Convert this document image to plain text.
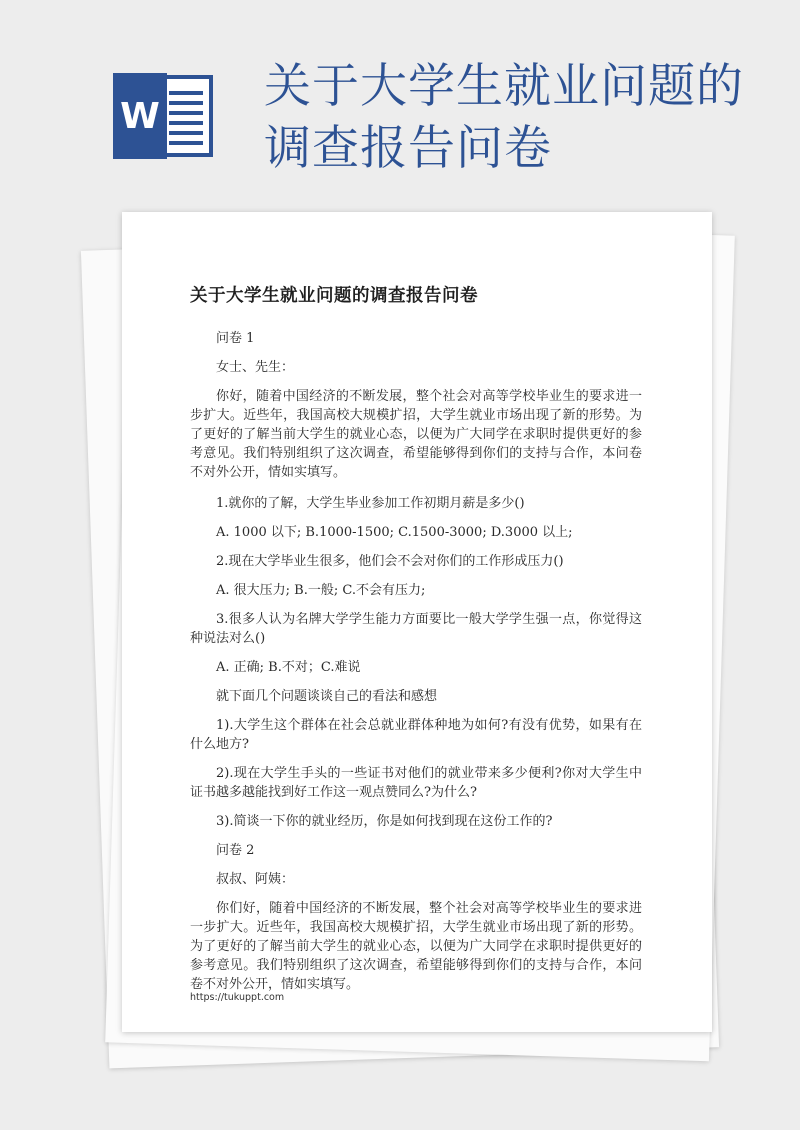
W
关于大学生就业问题的
调查报告问卷
关于大学生就业问题的调查报告问卷

问卷 1

女士、先生：

你好，随着中国经济的不断发展，整个社会对高等学校毕业生的要求进一步扩大。近些年，我国高校大规模扩招，大学生就业市场出现了新的形势。为了更好的了解当前大学生的就业心态，以便为广大同学在求职时提供更好的参考意见。我们特别组织了这次调查，希望能够得到你们的支持与合作，本问卷不对外公开，情如实填写。

1.就你的了解，大学生毕业参加工作初期月薪是多少()

A. 1000 以下; B.1000-1500; C.1500-3000; D.3000 以上;

2.现在大学毕业生很多，他们会不会对你们的工作形成压力()

A. 很大压力; B.一般; C.不会有压力;

3.很多人认为名牌大学学生能力方面要比一般大学学生强一点，你觉得这种说法对么()

A. 正确; B.不对；C.难说

就下面几个问题谈谈自己的看法和感想

1).大学生这个群体在社会总就业群体种地为如何?有没有优势，如果有在什么地方?

2).现在大学生手头的一些证书对他们的就业带来多少便利?你对大学生中证书越多越能找到好工作这一观点赞同么?为什么?

3).简谈一下你的就业经历，你是如何找到现在这份工作的?

问卷 2

叔叔、阿姨：

你们好，随着中国经济的不断发展，整个社会对高等学校毕业生的要求进一步扩大。近些年，我国高校大规模扩招，大学生就业市场出现了新的形势。为了更好的了解当前大学生的就业心态，以便为广大同学在求职时提供更好的参考意见。我们特别组织了这次调查，希望能够得到你们的支持与合作，本问卷不对外公开，情如实填写。

https://tukuppt.com
